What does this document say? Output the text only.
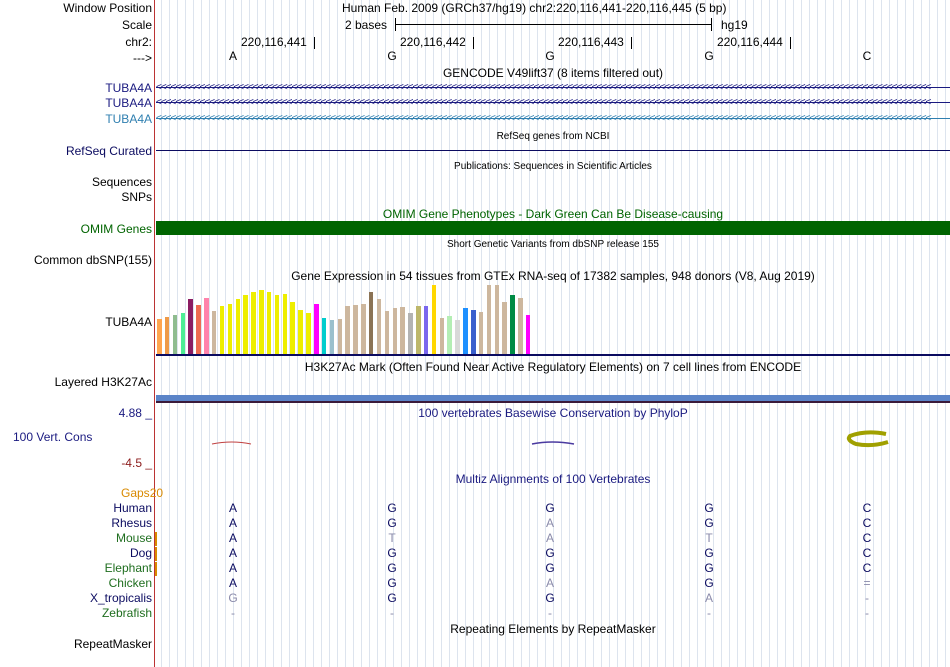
Window Position	Human Feb. 2009 (GRCh37/hg19) chr2:220,116,441-220,116,445 (5 bp)
Scale	2 bases	hg19
chr2:	220,116,441	220,116,442	220,116,443	220,116,444
--->	A	G	G	G	C
GENCODE V49lift37 (8 items filtered out)
TUBA4A
TUBA4A
TUBA4A
RefSeq genes from NCBI
RefSeq Curated
Publications: Sequences in Scientific Articles
Sequences
SNPs
OMIM Gene Phenotypes - Dark Green Can Be Disease-causing
OMIM Genes
Short Genetic Variants from dbSNP release 155
Common dbSNP(155)
Gene Expression in 54 tissues from GTEx RNA-seq of 17382 samples, 948 donors (V8, Aug 2019)
TUBA4A
H3K27Ac Mark (Often Found Near Active Regulatory Elements) on 7 cell lines from ENCODE
Layered H3K27Ac
4.88 _	100 vertebrates Basewise Conservation by PhyloP
100 Vert. Cons
-4.5 _
Multiz Alignments of 100 Vertebrates
Gaps20
Human	A	G	G	G	C
Rhesus	A	G	A	G	C
Mouse	A	T	A	T	C
Dog	A	G	G	G	C
Elephant	A	G	G	G	C
Chicken	A	G	A	G	=
X_tropicalis	G	G	G	A	-
Zebrafish	-	-	-	-	-
Repeating Elements by RepeatMasker
RepeatMasker
